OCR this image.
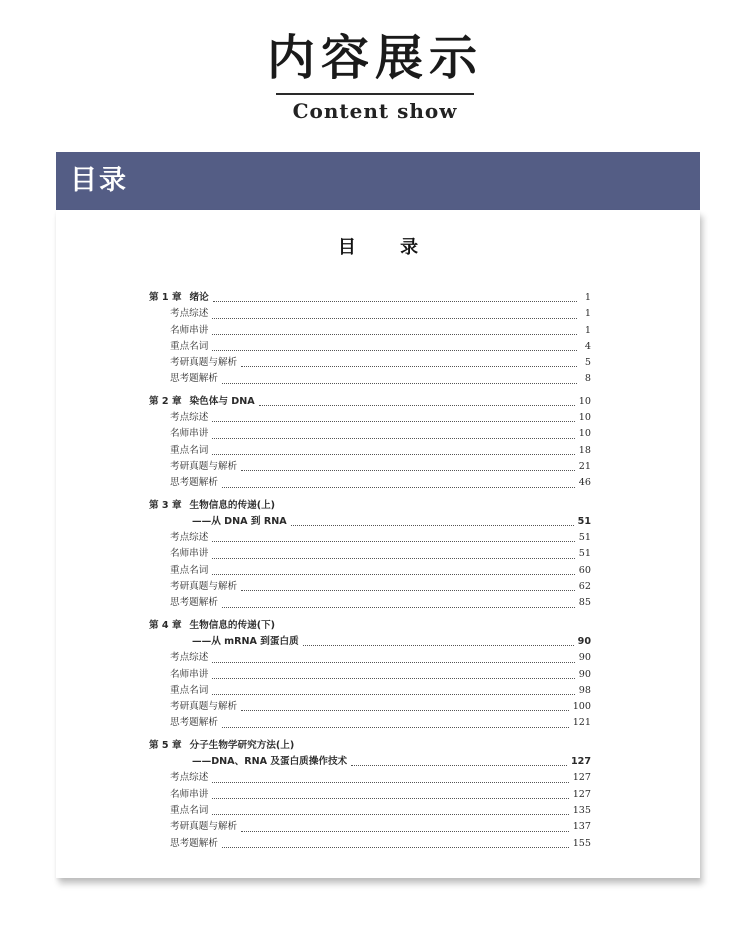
内容展示
Content show
目录
目 录
第 1 章 绪论	1
考点综述	1
名师串讲	1
重点名词	4
考研真题与解析	5
思考题解析	8
第 2 章 染色体与 DNA	10
考点综述	10
名师串讲	10
重点名词	18
考研真题与解析	21
思考题解析	46
第 3 章 生物信息的传递(上)
——从 DNA 到 RNA	51
考点综述	51
名师串讲	51
重点名词	60
考研真题与解析	62
思考题解析	85
第 4 章 生物信息的传递(下)
——从 mRNA 到蛋白质	90
考点综述	90
名师串讲	90
重点名词	98
考研真题与解析	100
思考题解析	121
第 5 章 分子生物学研究方法(上)
——DNA、RNA 及蛋白质操作技术	127
考点综述	127
名师串讲	127
重点名词	135
考研真题与解析	137
思考题解析	155
